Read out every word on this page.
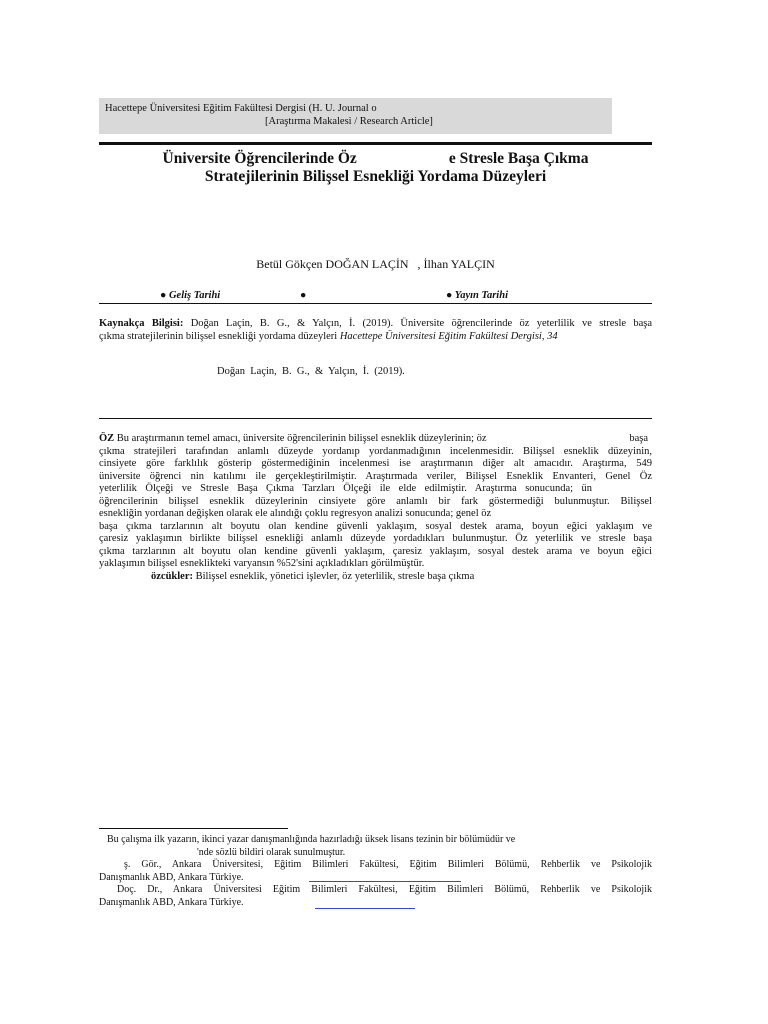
Hacettepe Üniversitesi Eğitim Fakültesi Dergisi (H. U. Journal o
[Araştırma Makalesi / Research Article]
Üniversite Öğrencilerinde Öz	e Stresle Başa Çıkma
Stratejilerinin Bilişsel Esnekliği Yordama Düzeyleri
Betül Gökçen DOĞAN LAÇİN   , İlhan YALÇIN
● Geliş Tarihi	●	● Yayın Tarihi
Kaynakça Bilgisi: Doğan Laçin, B. G., & Yalçın, İ. (2019). Üniversite öğrencilerinde öz yeterlilik ve stresle başa
çıkma stratejilerinin bilişsel esnekliği yordama düzeyleri Hacettepe Üniversitesi Eğitim Fakültesi Dergisi, 34
Doğan  Laçin,  B.  G.,  &  Yalçın,  İ.  (2019).
ÖZ Bu araştırmanın temel amacı, üniversite öğrencilerinin bilişsel esneklik düzeylerinin; öz	başa
çıkma stratejileri tarafından anlamlı düzeyde yordanıp yordanmadığının incelenmesidir. Bilişsel esneklik düzeyinin,
cinsiyete göre farklılık gösterip göstermediğinin incelenmesi ise araştırmanın diğer alt amacıdır. Araştırma, 549
üniversite öğrenci nin katılımı ile gerçekleştirilmiştir. Araştırmada veriler, Bilişsel Esneklik Envanteri, Genel Öz
yeterlilik Ölçeği ve Stresle Başa Çıkma Tarzları Ölçeği ile elde edilmiştir. Araştırma sonucunda; ün
öğrencilerinin bilişsel esneklik düzeylerinin cinsiyete göre anlamlı bir fark göstermediği bulunmuştur. Bilişsel
esnekliğin yordanan değişken olarak ele alındığı çoklu regresyon analizi sonucunda; genel öz
başa çıkma tarzlarının alt boyutu olan kendine güvenli yaklaşım, sosyal destek arama, boyun eğici yaklaşım ve
çaresiz yaklaşımın birlikte bilişsel esnekliği anlamlı düzeyde yordadıkları bulunmuştur. Öz yeterlilik ve stresle başa
çıkma tarzlarının alt boyutu olan kendine güvenli yaklaşım, çaresiz yaklaşım, sosyal destek arama ve boyun eğici
yaklaşımın bilişsel esneklikteki varyansın %52'sini açıkladıkları görülmüştür.
özcükler: Bilişsel esneklik, yönetici işlevler, öz yeterlilik, stresle başa çıkma
Bu çalışma ilk yazarın, ikinci yazar danışmanlığında hazırladığı üksek lisans tezinin bir bölümüdür ve
'nde sözlü bildiri olarak sunulmuştur.
ş. Gör., Ankara Üniversitesi, Eğitim Bilimleri Fakültesi, Eğitim Bilimleri Bölümü, Rehberlik ve Psikolojik
Danışmanlık ABD, Ankara Türkiye.
Doç. Dr., Ankara Üniversitesi Eğitim Bilimleri Fakültesi, Eğitim Bilimleri Bölümü, Rehberlik ve Psikolojik
Danışmanlık ABD, Ankara Türkiye.
